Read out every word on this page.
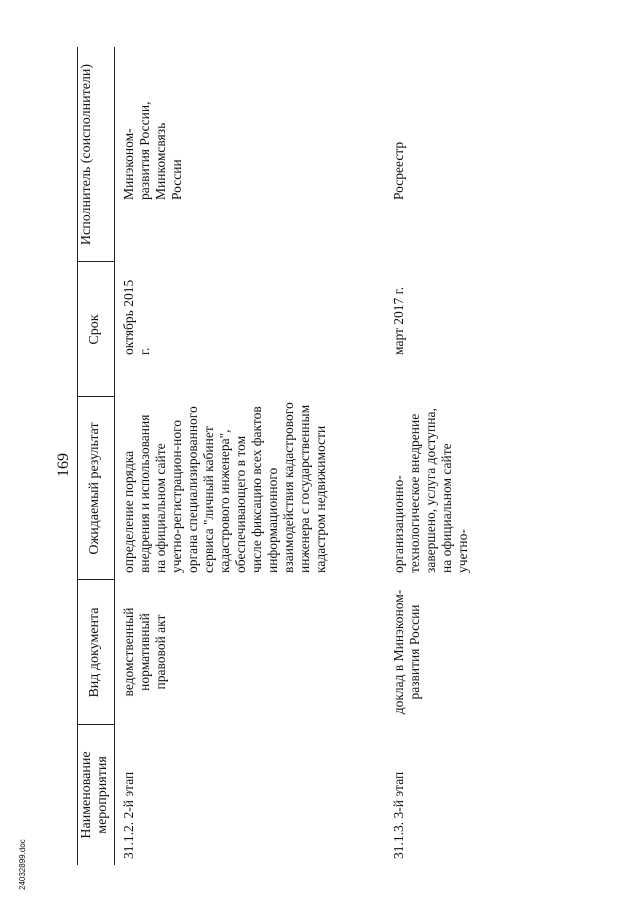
169
Наименование мероприятия
Вид документа
Ожидаемый результат
Срок
Исполнитель (соисполнители)
31.1.2. 2-й этап
ведомственный нормативный правовой акт
определение порядка внедрения и использования на официальном сайте учетно-регистрацион-ного органа специализированного сервиса "личный кабинет кадастрового инженера", обеспечивающего в том числе фиксацию всех фактов информационного взаимодействия кадастрового инженера с государственным кадастром недвижимости
октябрь 2015 г.
Минэконом-развития России, Минкомсвязь России
31.1.3. 3-й этап
доклад в Минэконом-развития России
организационно-технологическое внедрение завершено, услуга доступна, на официальном сайте учетно-
март 2017 г.
Росреестр
24032899.doc
